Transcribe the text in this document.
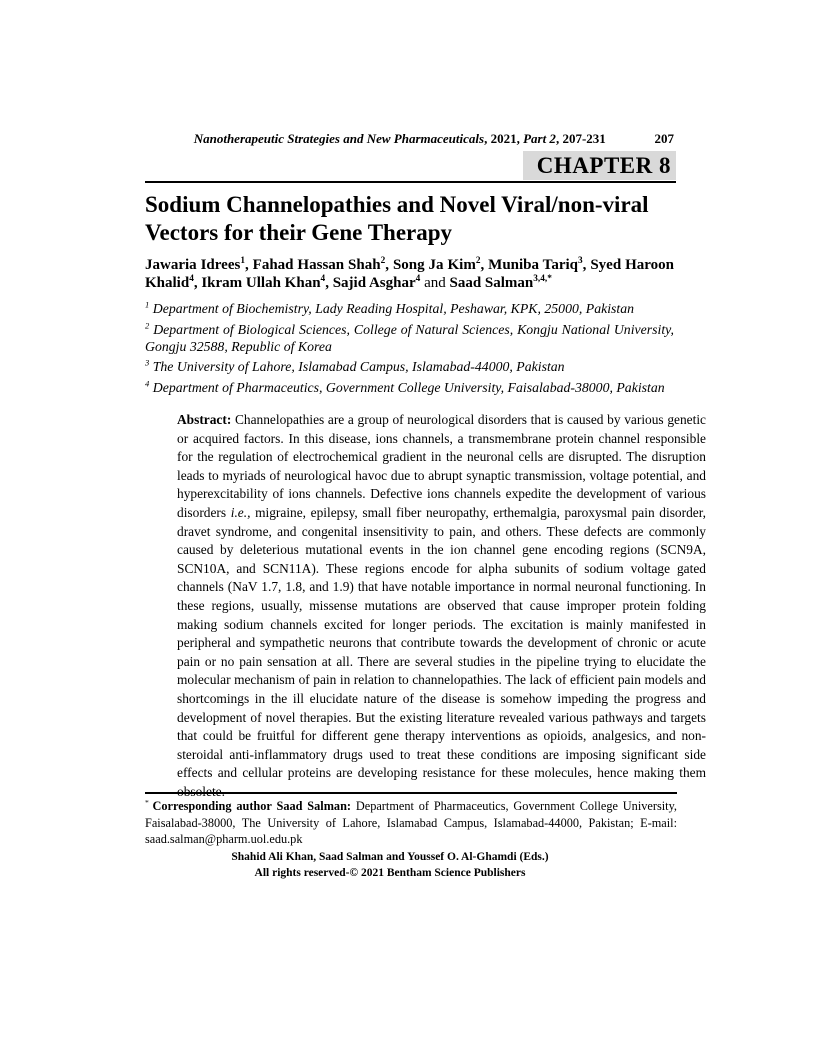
Nanotherapeutic Strategies and New Pharmaceuticals, 2021, Part 2, 207-231	207
CHAPTER 8
Sodium Channelopathies and Novel Viral/non-viral Vectors for their Gene Therapy
Jawaria Idrees$^1$, Fahad Hassan Shah$^2$, Song Ja Kim$^2$, Muniba Tariq$^3$, Syed Haroon Khalid$^4$, Ikram Ullah Khan$^4$, Sajid Asghar$^4$ and Saad Salman$^{3,4,*}$
$^1$ Department of Biochemistry, Lady Reading Hospital, Peshawar, KPK, 25000, Pakistan
$^2$ Department of Biological Sciences, College of Natural Sciences, Kongju National University, Gongju 32588, Republic of Korea
$^3$ The University of Lahore, Islamabad Campus, Islamabad-44000, Pakistan
$^4$ Department of Pharmaceutics, Government College University, Faisalabad-38000, Pakistan
Abstract: Channelopathies are a group of neurological disorders that is caused by various genetic or acquired factors. In this disease, ions channels, a transmembrane protein channel responsible for the regulation of electrochemical gradient in the neuronal cells are disrupted. The disruption leads to myriads of neurological havoc due to abrupt synaptic transmission, voltage potential, and hyperexcitability of ions channels. Defective ions channels expedite the development of various disorders i.e., migraine, epilepsy, small fiber neuropathy, erthemalgia, paroxysmal pain disorder, dravet syndrome, and congenital insensitivity to pain, and others. These defects are commonly caused by deleterious mutational events in the ion channel gene encoding regions (SCN9A, SCN10A, and SCN11A). These regions encode for alpha subunits of sodium voltage gated channels (NaV 1.7, 1.8, and 1.9) that have notable importance in normal neuronal functioning. In these regions, usually, missense mutations are observed that cause improper protein folding making sodium channels excited for longer periods. The excitation is mainly manifested in peripheral and sympathetic neurons that contribute towards the development of chronic or acute pain or no pain sensation at all. There are several studies in the pipeline trying to elucidate the molecular mechanism of pain in relation to channelopathies. The lack of efficient pain models and shortcomings in the ill elucidate nature of the disease is somehow impeding the progress and development of novel therapies. But the existing literature revealed various pathways and targets that could be fruitful for different gene therapy interventions as opioids, analgesics, and non-steroidal anti-inflammatory drugs used to treat these conditions are imposing significant side effects and cellular proteins are developing resistance for these molecules, hence making them obsolete.
* Corresponding author Saad Salman: Department of Pharmaceutics, Government College University, Faisalabad-38000, The University of Lahore, Islamabad Campus, Islamabad-44000, Pakistan; E-mail: saad.salman@pharm.uol.edu.pk
Shahid Ali Khan, Saad Salman and Youssef O. Al-Ghamdi (Eds.)
All rights reserved-© 2021 Bentham Science Publishers
